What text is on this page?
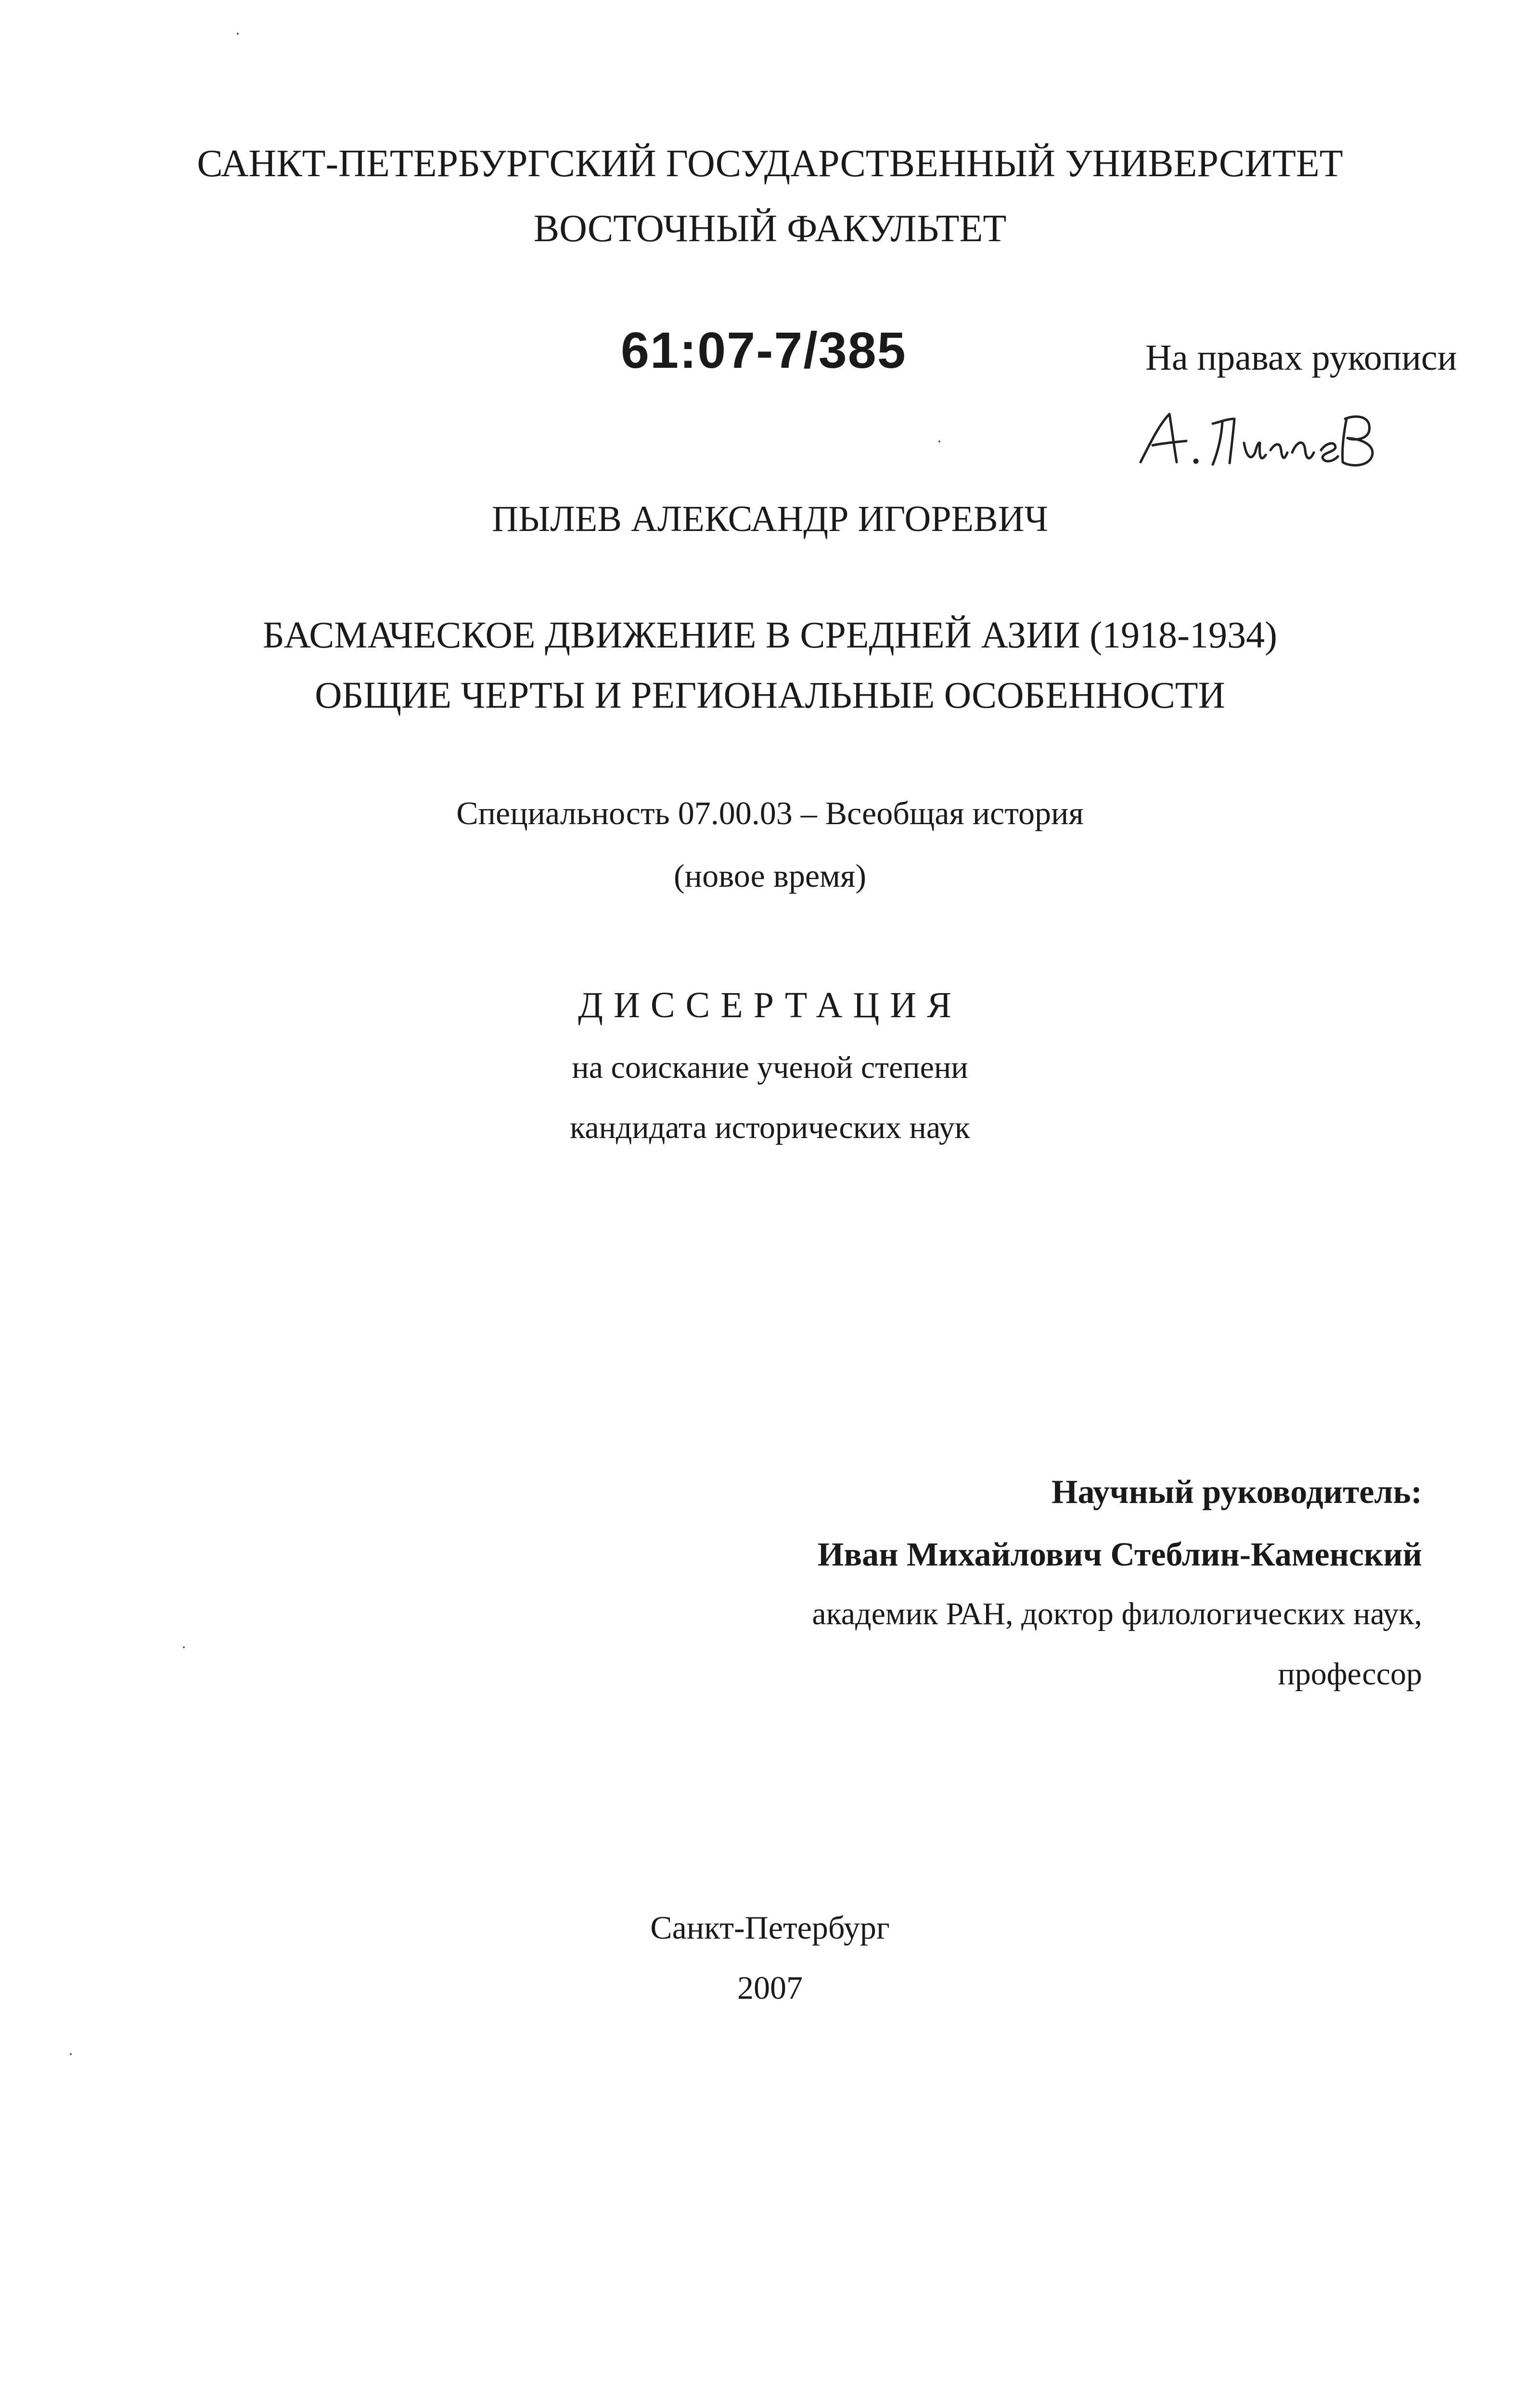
САНКТ-ПЕТЕРБУРГСКИЙ ГОСУДАРСТВЕННЫЙ УНИВЕРСИТЕТ
ВОСТОЧНЫЙ ФАКУЛЬТЕТ
61:07-7/385	На правах рукописи
ПЫЛЕВ АЛЕКСАНДР ИГОРЕВИЧ
БАСМАЧЕСКОЕ ДВИЖЕНИЕ В СРЕДНЕЙ АЗИИ (1918-1934)
ОБЩИЕ ЧЕРТЫ И РЕГИОНАЛЬНЫЕ ОСОБЕННОСТИ
Специальность 07.00.03 – Всеобщая история
(новое время)
ДИССЕРТАЦИЯ
на соискание ученой степени
кандидата исторических наук
Научный руководитель:
Иван Михайлович Стеблин-Каменский
академик РАН, доктор филологических наук,
профессор
Санкт-Петербург
2007
